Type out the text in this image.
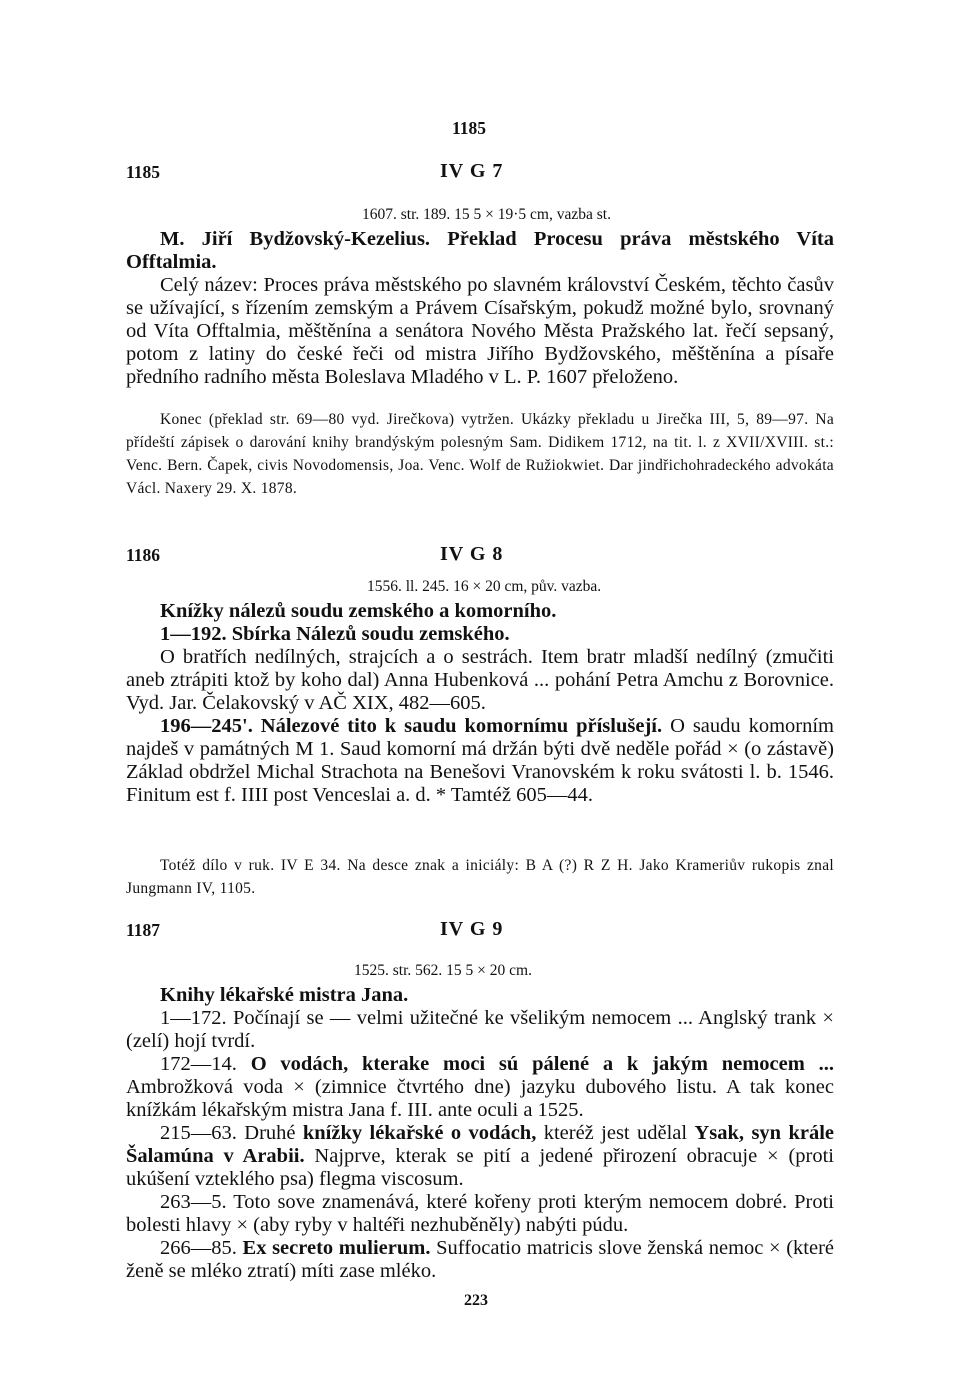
1185
1185	IV G 7
1607. str. 189. 15 5 × 19·5 cm, vazba st.

M. Jiří Bydžovský-Kezelius. Překlad Procesu práva městského Víta Offtalmia.

Celý název: Proces práva městského po slavném království Českém, těchto časův se užívající, s řízením zemským a Právem Císařským, pokudž možné bylo, srovnaný od Víta Offtalmia, měštěnína a senátora Nového Města Pražského lat. řečí sepsaný, potom z latiny do české řeči od mistra Jiřího Bydžovského, měštěnína a písaře předního radního města Boleslava Mladého v L. P. 1607 přeloženo.

Konec (překlad str. 69—80 vyd. Jirečkova) vytržen. Ukázky překladu u Jirečka III, 5, 89—97. Na přídeští zápisek o darování knihy brandýským polesným Sam. Didikem 1712, na tit. l. z XVII/XVIII. st.: Venc. Bern. Čapek, civis Novodomensis, Joa. Venc. Wolf de Ružiokwiet. Dar jindřichohradeckého advokáta Václ. Naxery 29. X. 1878.

1186	IV G 8
1556. ll. 245. 16 × 20 cm, pův. vazba.

Knížky nálezů soudu zemského a komorního.

1—192. Sbírka Nálezů soudu zemského.

O bratřích nedílných, strajcích a o sestrách. Item bratr mladší nedílný (zmučiti aneb ztrápiti ktož by koho dal) Anna Hubenková ... pohání Petra Amchu z Borovnice. Vyd. Jar. Čelakovský v AČ XIX, 482—605.

196—245'. Nálezové tito k saudu komornímu příslušejí. O saudu komorním najdeš v památných M 1. Saud komorní má držán býti dvě neděle pořád × (o zástavě) Základ obdržel Michal Strachota na Benešovi Vranovském k roku svátosti l. b. 1546. Finitum est f. IIII post Venceslai a. d. * Tamtéž 605—44.

Totéž dílo v ruk. IV E 34. Na desce znak a iniciály: B A (?) R Z H. Jako Krameriův rukopis znal Jungmann IV, 1105.

1187	IV G 9
1525. str. 562. 15 5 × 20 cm.

Knihy lékařské mistra Jana.

1—172. Počínají se — velmi užitečné ke všelikým nemocem ... Anglský trank × (zelí) hojí tvrdí.

172—14. O vodách, kterake moci sú pálené a k jakým nemocem ... Ambrožková voda × (zimnice čtvrtého dne) jazyku dubového listu. A tak konec knížkám lékařským mistra Jana f. III. ante oculi a 1525.

215—63. Druhé knížky lékařské o vodách, kteréž jest udělal Ysak, syn krále Šalamúna v Arabii. Najprve, kterak se pití a jedené přirození obracuje × (proti ukúšení vzteklého psa) flegma viscosum.

263—5. Toto sove znamenává, které kořeny proti kterým nemocem dobré. Proti bolesti hlavy × (aby ryby v haltéři nezhuběněly) nabýti púdu.

266—85. Ex secreto mulierum. Suffocatio matricis slove ženská nemoc × (které ženě se mléko ztratí) míti zase mléko.

223
